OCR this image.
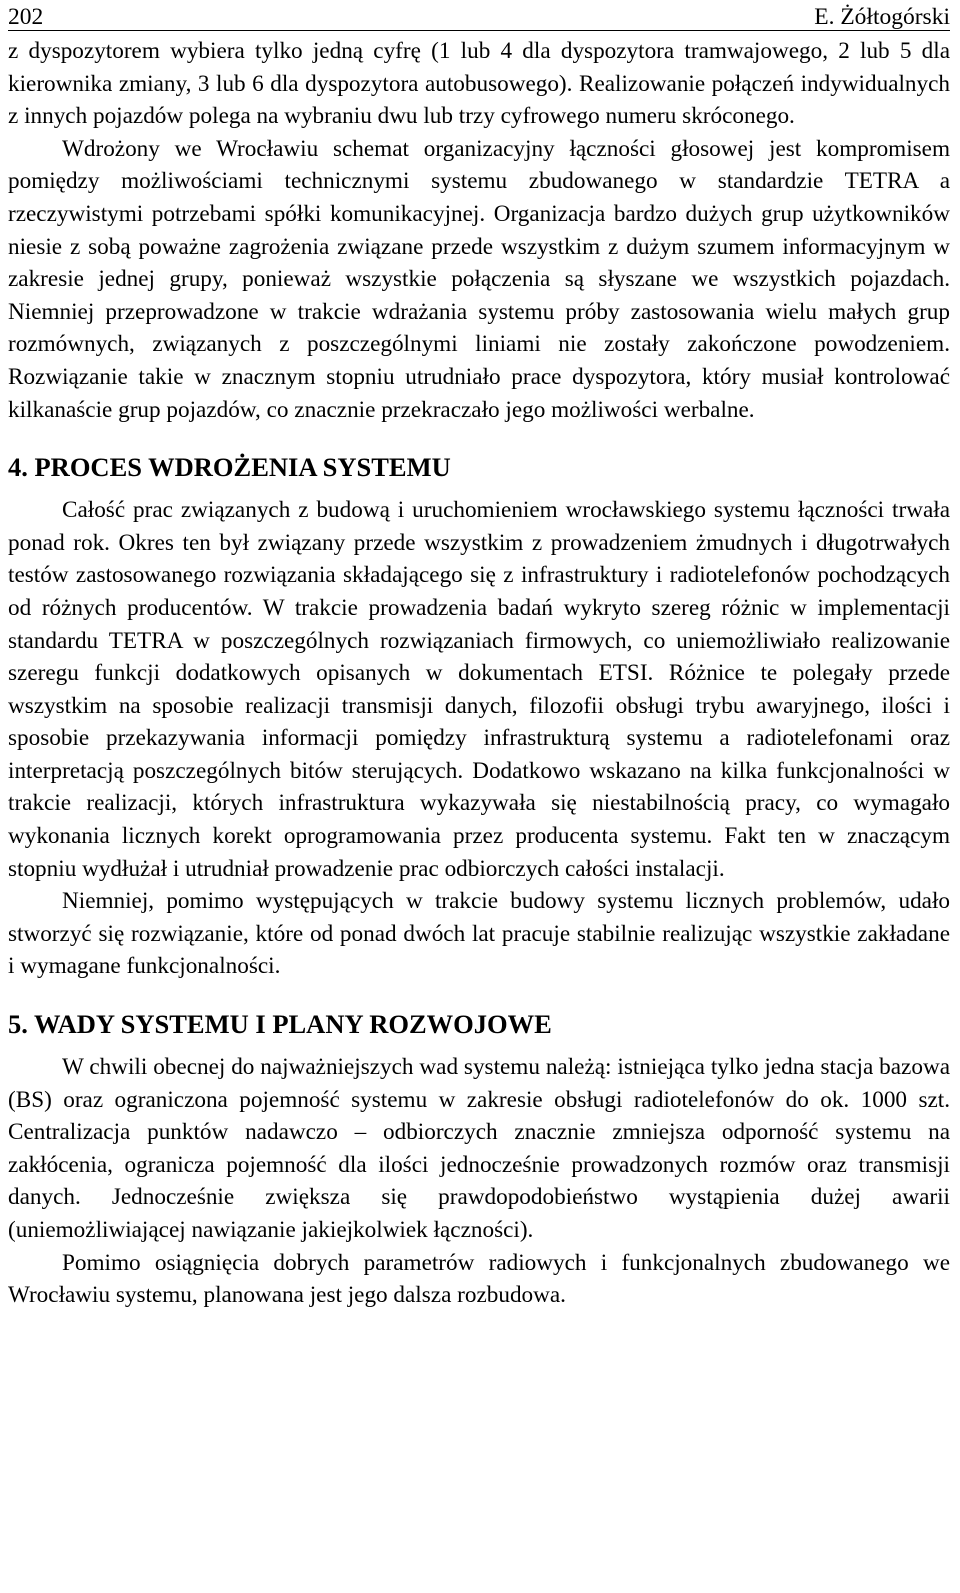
202	E. Żółtogórski

z dyspozytorem wybiera tylko jedną cyfrę (1 lub 4 dla dyspozytora tramwajowego, 2 lub 5 dla kierownika zmiany, 3 lub 6 dla dyspozytora autobusowego). Realizowanie połączeń indywidualnych z innych pojazdów polega na wybraniu dwu lub trzy cyfrowego numeru skróconego.

Wdrożony we Wrocławiu schemat organizacyjny łączności głosowej jest kompromisem pomiędzy możliwościami technicznymi systemu zbudowanego w standardzie TETRA a rzeczywistymi potrzebami spółki komunikacyjnej. Organizacja bardzo dużych grup użytkowników niesie z sobą poważne zagrożenia związane przede wszystkim z dużym szumem informacyjnym w zakresie jednej grupy, ponieważ wszystkie połączenia są słyszane we wszystkich pojazdach. Niemniej przeprowadzone w trakcie wdrażania systemu próby zastosowania wielu małych grup rozmównych, związanych z poszczególnymi liniami nie zostały zakończone powodzeniem. Rozwiązanie takie w znacznym stopniu utrudniało prace dyspozytora, który musiał kontrolować kilkanaście grup pojazdów, co znacznie przekraczało jego możliwości werbalne.

4. PROCES WDROŻENIA SYSTEMU

Całość prac związanych z budową i uruchomieniem wrocławskiego systemu łączności trwała ponad rok. Okres ten był związany przede wszystkim z prowadzeniem żmudnych i długotrwałych testów zastosowanego rozwiązania składającego się z infrastruktury i radiotelefonów pochodzących od różnych producentów. W trakcie prowadzenia badań wykryto szereg różnic w implementacji standardu TETRA w poszczególnych rozwiązaniach firmowych, co uniemożliwiało realizowanie szeregu funkcji dodatkowych opisanych w dokumentach ETSI. Różnice te polegały przede wszystkim na sposobie realizacji transmisji danych, filozofii obsługi trybu awaryjnego, ilości i sposobie przekazywania informacji pomiędzy infrastrukturą systemu a radiotelefonami oraz interpretacją poszczególnych bitów sterujących. Dodatkowo wskazano na kilka funkcjonalności w trakcie realizacji, których infrastruktura wykazywała się niestabilnością pracy, co wymagało wykonania licznych korekt oprogramowania przez producenta systemu. Fakt ten w znaczącym stopniu wydłużał i utrudniał prowadzenie prac odbiorczych całości instalacji.

Niemniej, pomimo występujących w trakcie budowy systemu licznych problemów, udało stworzyć się rozwiązanie, które od ponad dwóch lat pracuje stabilnie realizując wszystkie zakładane i wymagane funkcjonalności.

5. WADY SYSTEMU I PLANY ROZWOJOWE

W chwili obecnej do najważniejszych wad systemu należą: istniejąca tylko jedna stacja bazowa (BS) oraz ograniczona pojemność systemu w zakresie obsługi radiotelefonów do ok. 1000 szt. Centralizacja punktów nadawczo – odbiorczych znacznie zmniejsza odporność systemu na zakłócenia, ogranicza pojemność dla ilości jednocześnie prowadzonych rozmów oraz transmisji danych. Jednocześnie zwiększa się prawdopodobieństwo wystąpienia dużej awarii (uniemożliwiającej nawiązanie jakiejkolwiek łączności).

Pomimo osiągnięcia dobrych parametrów radiowych i funkcjonalnych zbudowanego we Wrocławiu systemu, planowana jest jego dalsza rozbudowa.
